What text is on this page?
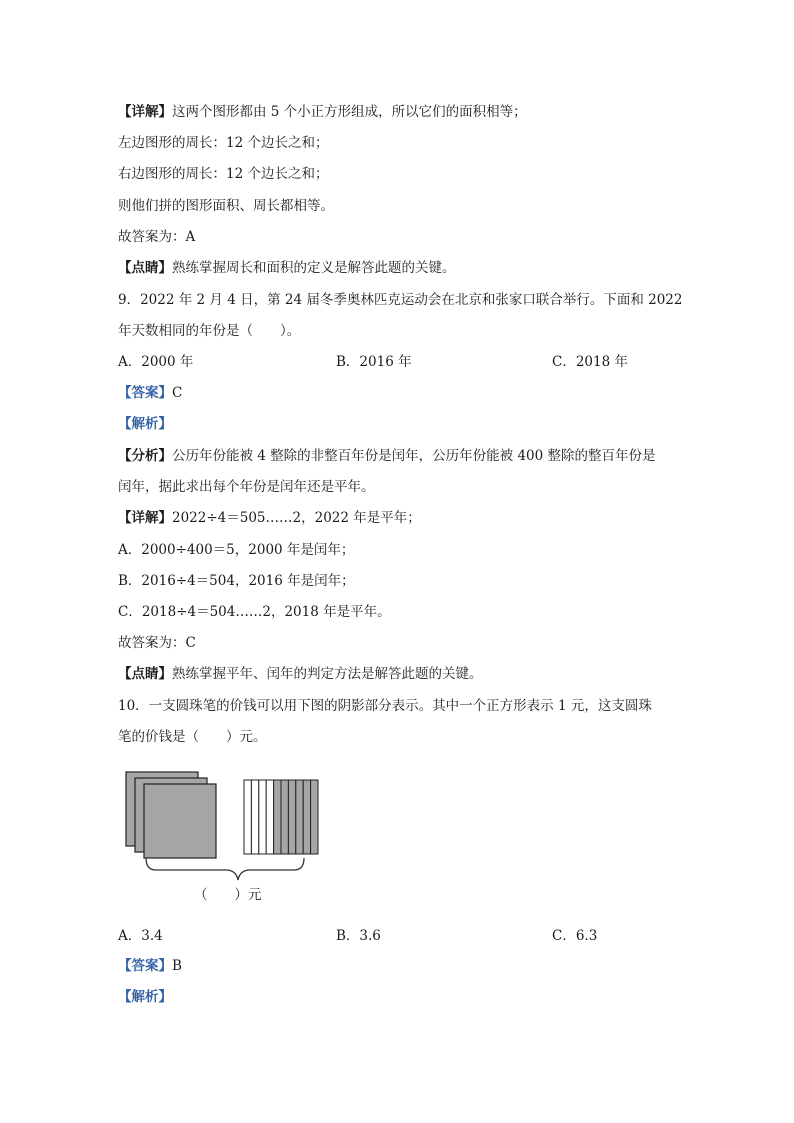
【详解】这两个图形都由 5 个小正方形组成，所以它们的面积相等；
左边图形的周长：12 个边长之和；
右边图形的周长：12 个边长之和；
则他们拼的图形面积、周长都相等。
故答案为：A
【点睛】熟练掌握周长和面积的定义是解答此题的关键。
9．2022 年 2 月 4 日，第 24 届冬季奥林匹克运动会在北京和张家口联合举行。下面和 2022
年天数相同的年份是（　　）。
A．2000 年	B．2016 年	C．2018 年
【答案】C
【解析】
【分析】公历年份能被 4 整除的非整百年份是闰年，公历年份能被 400 整除的整百年份是
闰年，据此求出每个年份是闰年还是平年。
【详解】2022÷4＝505……2，2022 年是平年；
A．2000÷400＝5，2000 年是闰年；
B．2016÷4＝504，2016 年是闰年；
C．2018÷4＝504……2，2018 年是平年。
故答案为：C
【点睛】熟练掌握平年、闰年的判定方法是解答此题的关键。
10．一支圆珠笔的价钱可以用下图的阴影部分表示。其中一个正方形表示 1 元，这支圆珠
笔的价钱是（　　）元。
（　　）元
A．3.4	B．3.6	C．6.3
【答案】B
【解析】
